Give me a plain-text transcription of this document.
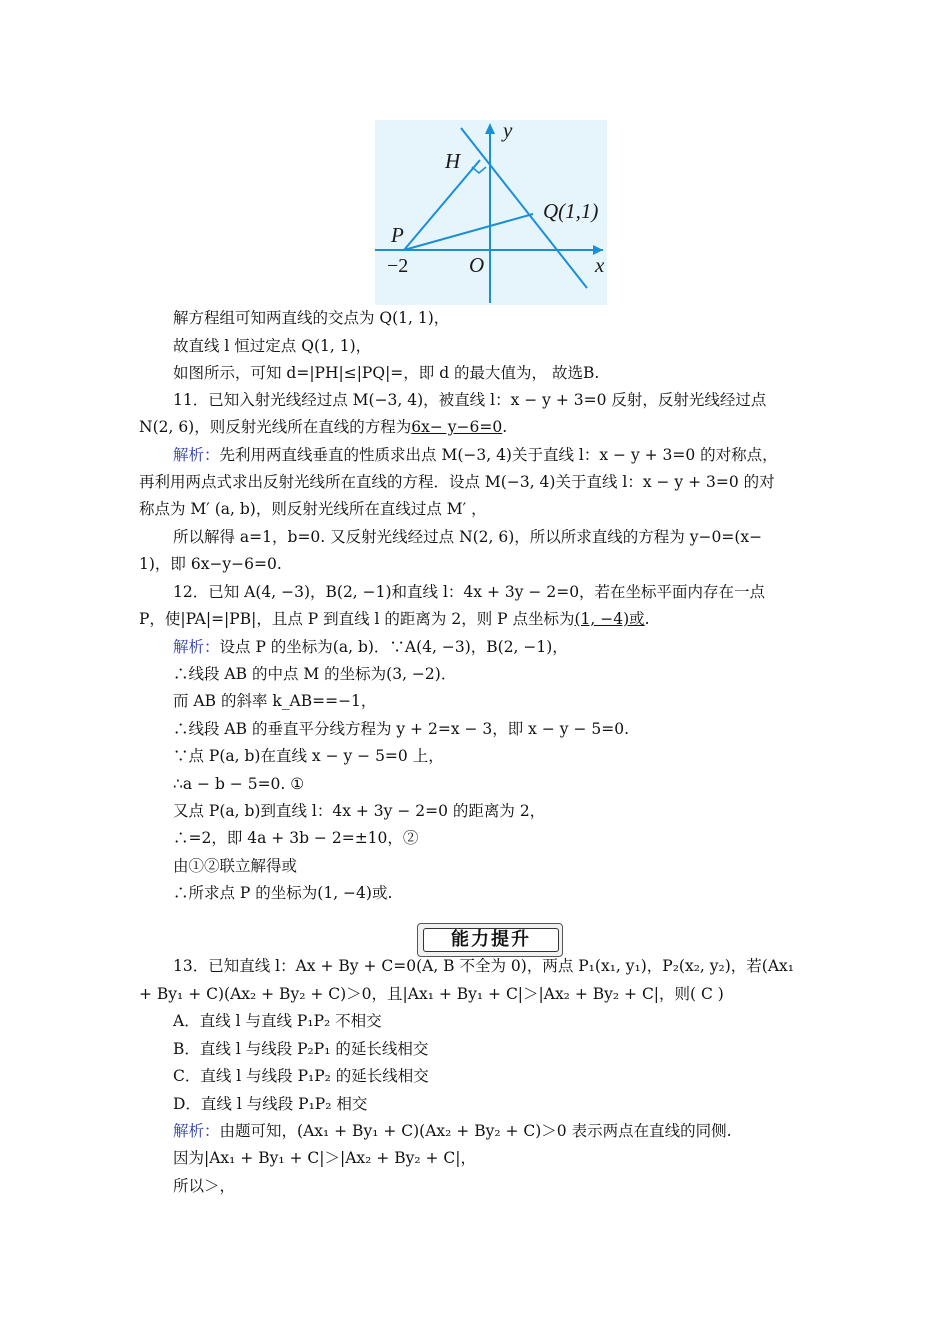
y
x
H
Q(1,1)
P
O
−2
解方程组可知两直线的交点为 Q(1, 1)，
故直线 l 恒过定点 Q(1, 1)，
如图所示，可知 d=|PH|≤|PQ|=，即 d 的最大值为， 故选B.
11．已知入射光线经过点 M(−3, 4)，被直线 l：x − y + 3=0 反射，反射光线经过点
N(2, 6)，则反射光线所在直线的方程为6x− y−6=0.
解析：先利用两直线垂直的性质求出点 M(−3, 4)关于直线 l：x − y + 3=0 的对称点，
再利用两点式求出反射光线所在直线的方程．设点 M(−3, 4)关于直线 l：x − y + 3=0 的对
称点为 M′ (a, b)，则反射光线所在直线过点 M′ ，
所以解得 a=1，b=0. 又反射光线经过点 N(2, 6)，所以所求直线的方程为 y−0=(x−
1)，即 6x−y−6=0.
12．已知 A(4, −3)，B(2, −1)和直线 l：4x + 3y − 2=0，若在坐标平面内存在一点
P，使|PA|=|PB|，且点 P 到直线 l 的距离为 2，则 P 点坐标为(1, −4)或.
解析：设点 P 的坐标为(a, b)．∵A(4, −3)，B(2, −1)，
∴线段 AB 的中点 M 的坐标为(3, −2)．
而 AB 的斜率 k_AB==−1，
∴线段 AB 的垂直平分线方程为 y + 2=x − 3，即 x − y − 5=0.
∵点 P(a, b)在直线 x − y − 5=0 上，
∴a − b − 5=0. ①
又点 P(a, b)到直线 l：4x + 3y − 2=0 的距离为 2，
∴=2，即 4a + 3b − 2=±10，②
由①②联立解得或
∴所求点 P 的坐标为(1, −4)或.
13．已知直线 l：Ax + By + C=0(A, B 不全为 0)，两点 P₁(x₁, y₁)，P₂(x₂, y₂)，若(Ax₁
+ By₁ + C)(Ax₂ + By₂ + C)＞0，且|Ax₁ + By₁ + C|＞|Ax₂ + By₂ + C|，则( C )
A．直线 l 与直线 P₁P₂ 不相交
B．直线 l 与线段 P₂P₁ 的延长线相交
C．直线 l 与线段 P₁P₂ 的延长线相交
D．直线 l 与线段 P₁P₂ 相交
解析：由题可知，(Ax₁ + By₁ + C)(Ax₂ + By₂ + C)＞0 表示两点在直线的同侧.
因为|Ax₁ + By₁ + C|＞|Ax₂ + By₂ + C|，
所以＞，
能力提升
